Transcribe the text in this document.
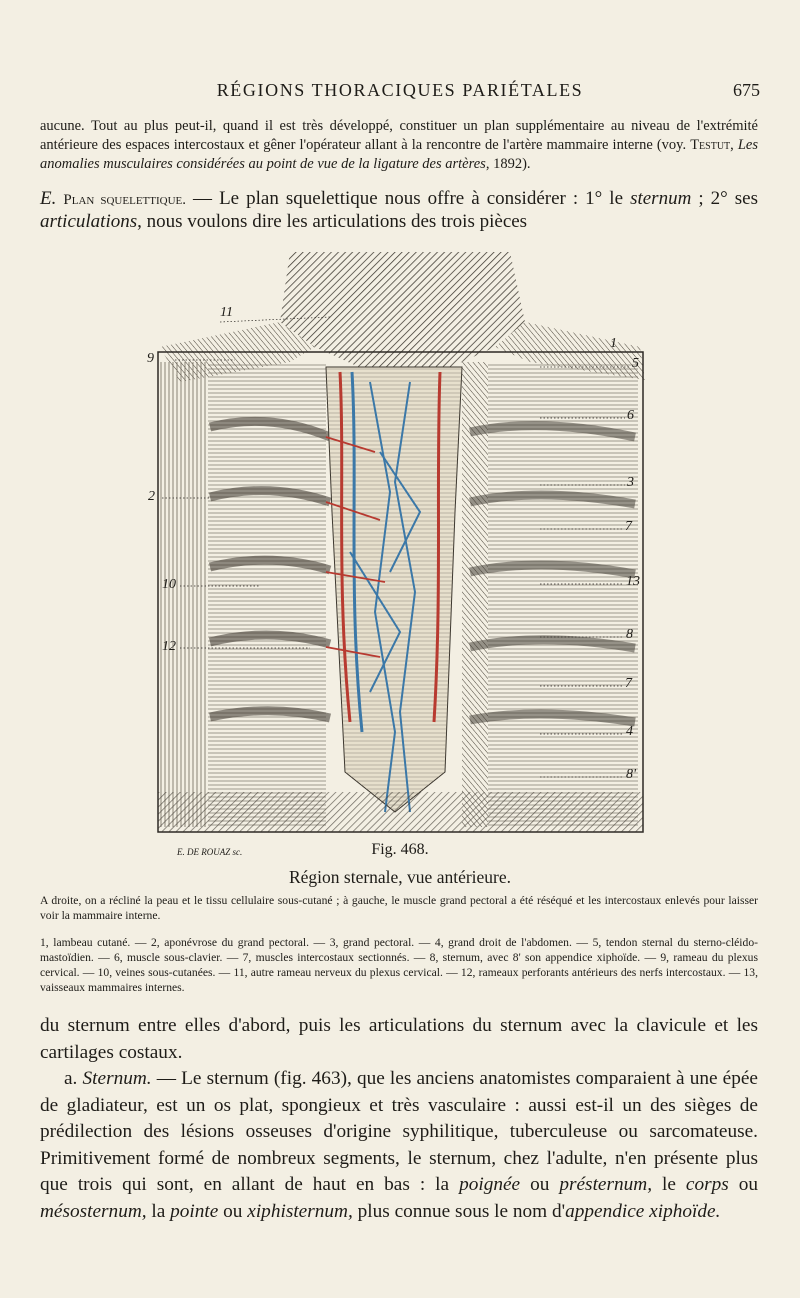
RÉGIONS THORACIQUES PARIÉTALES	675
aucune. Tout au plus peut-il, quand il est très développé, constituer un plan supplémentaire au niveau de l'extrémité antérieure des espaces intercostaux et gêner l'opérateur allant à la rencontre de l'artère mammaire interne (voy. Testut, Les anomalies musculaires considérées au point de vue de la ligature des artères, 1892).
E. Plan squelettique. — Le plan squelettique nous offre à considérer : 1° le sternum ; 2° ses articulations, nous voulons dire les articulations des trois pièces
11
9
2
10
12
1
5
6
3
7
13
8
7
4
8'
E. DE ROUAZ sc.	Fig. 468.
Région sternale, vue antérieure.
A droite, on a récliné la peau et le tissu cellulaire sous-cutané ; à gauche, le muscle grand pectoral a été réséqué et les intercostaux enlevés pour laisser voir la mammaire interne.
1, lambeau cutané. — 2, aponévrose du grand pectoral. — 3, grand pectoral. — 4, grand droit de l'abdomen. — 5, tendon sternal du sterno-cléido-mastoïdien. — 6, muscle sous-clavier. — 7, muscles intercostaux sectionnés. — 8, sternum, avec 8' son appendice xiphoïde. — 9, rameau du plexus cervical. — 10, veines sous-cutanées. — 11, autre rameau nerveux du plexus cervical. — 12, rameaux perforants antérieurs des nerfs intercostaux. — 13, vaisseaux mammaires internes.

du sternum entre elles d'abord, puis les articulations du sternum avec la clavicule et les cartilages costaux.

a. Sternum. — Le sternum (fig. 463), que les anciens anatomistes comparaient à une épée de gladiateur, est un os plat, spongieux et très vasculaire : aussi est-il un des sièges de prédilection des lésions osseuses d'origine syphilitique, tuberculeuse ou sarcomateuse. Primitivement formé de nombreux segments, le sternum, chez l'adulte, n'en présente plus que trois qui sont, en allant de haut en bas : la poignée ou présternum, le corps ou mésosternum, la pointe ou xiphisternum, plus connue sous le nom d'appendice xiphoïde.
